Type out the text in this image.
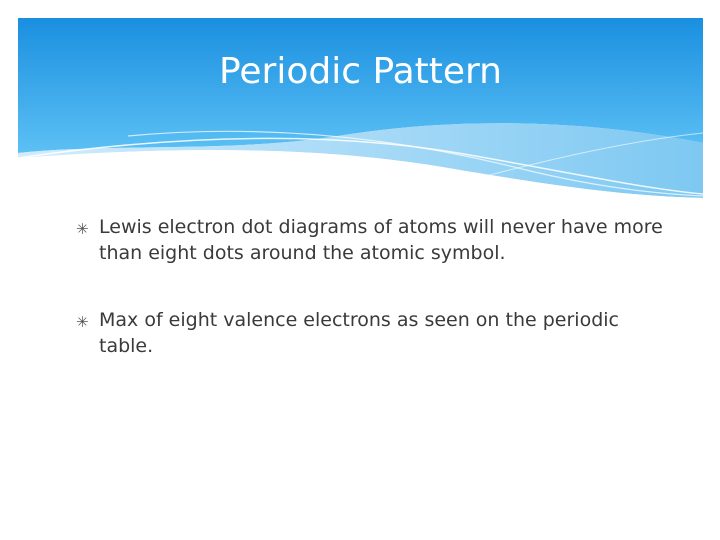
Periodic Pattern
✳ Lewis electron dot diagrams of atoms will never have more than eight dots around the atomic symbol.
✳ Max of eight valence electrons as seen on the periodic table.
